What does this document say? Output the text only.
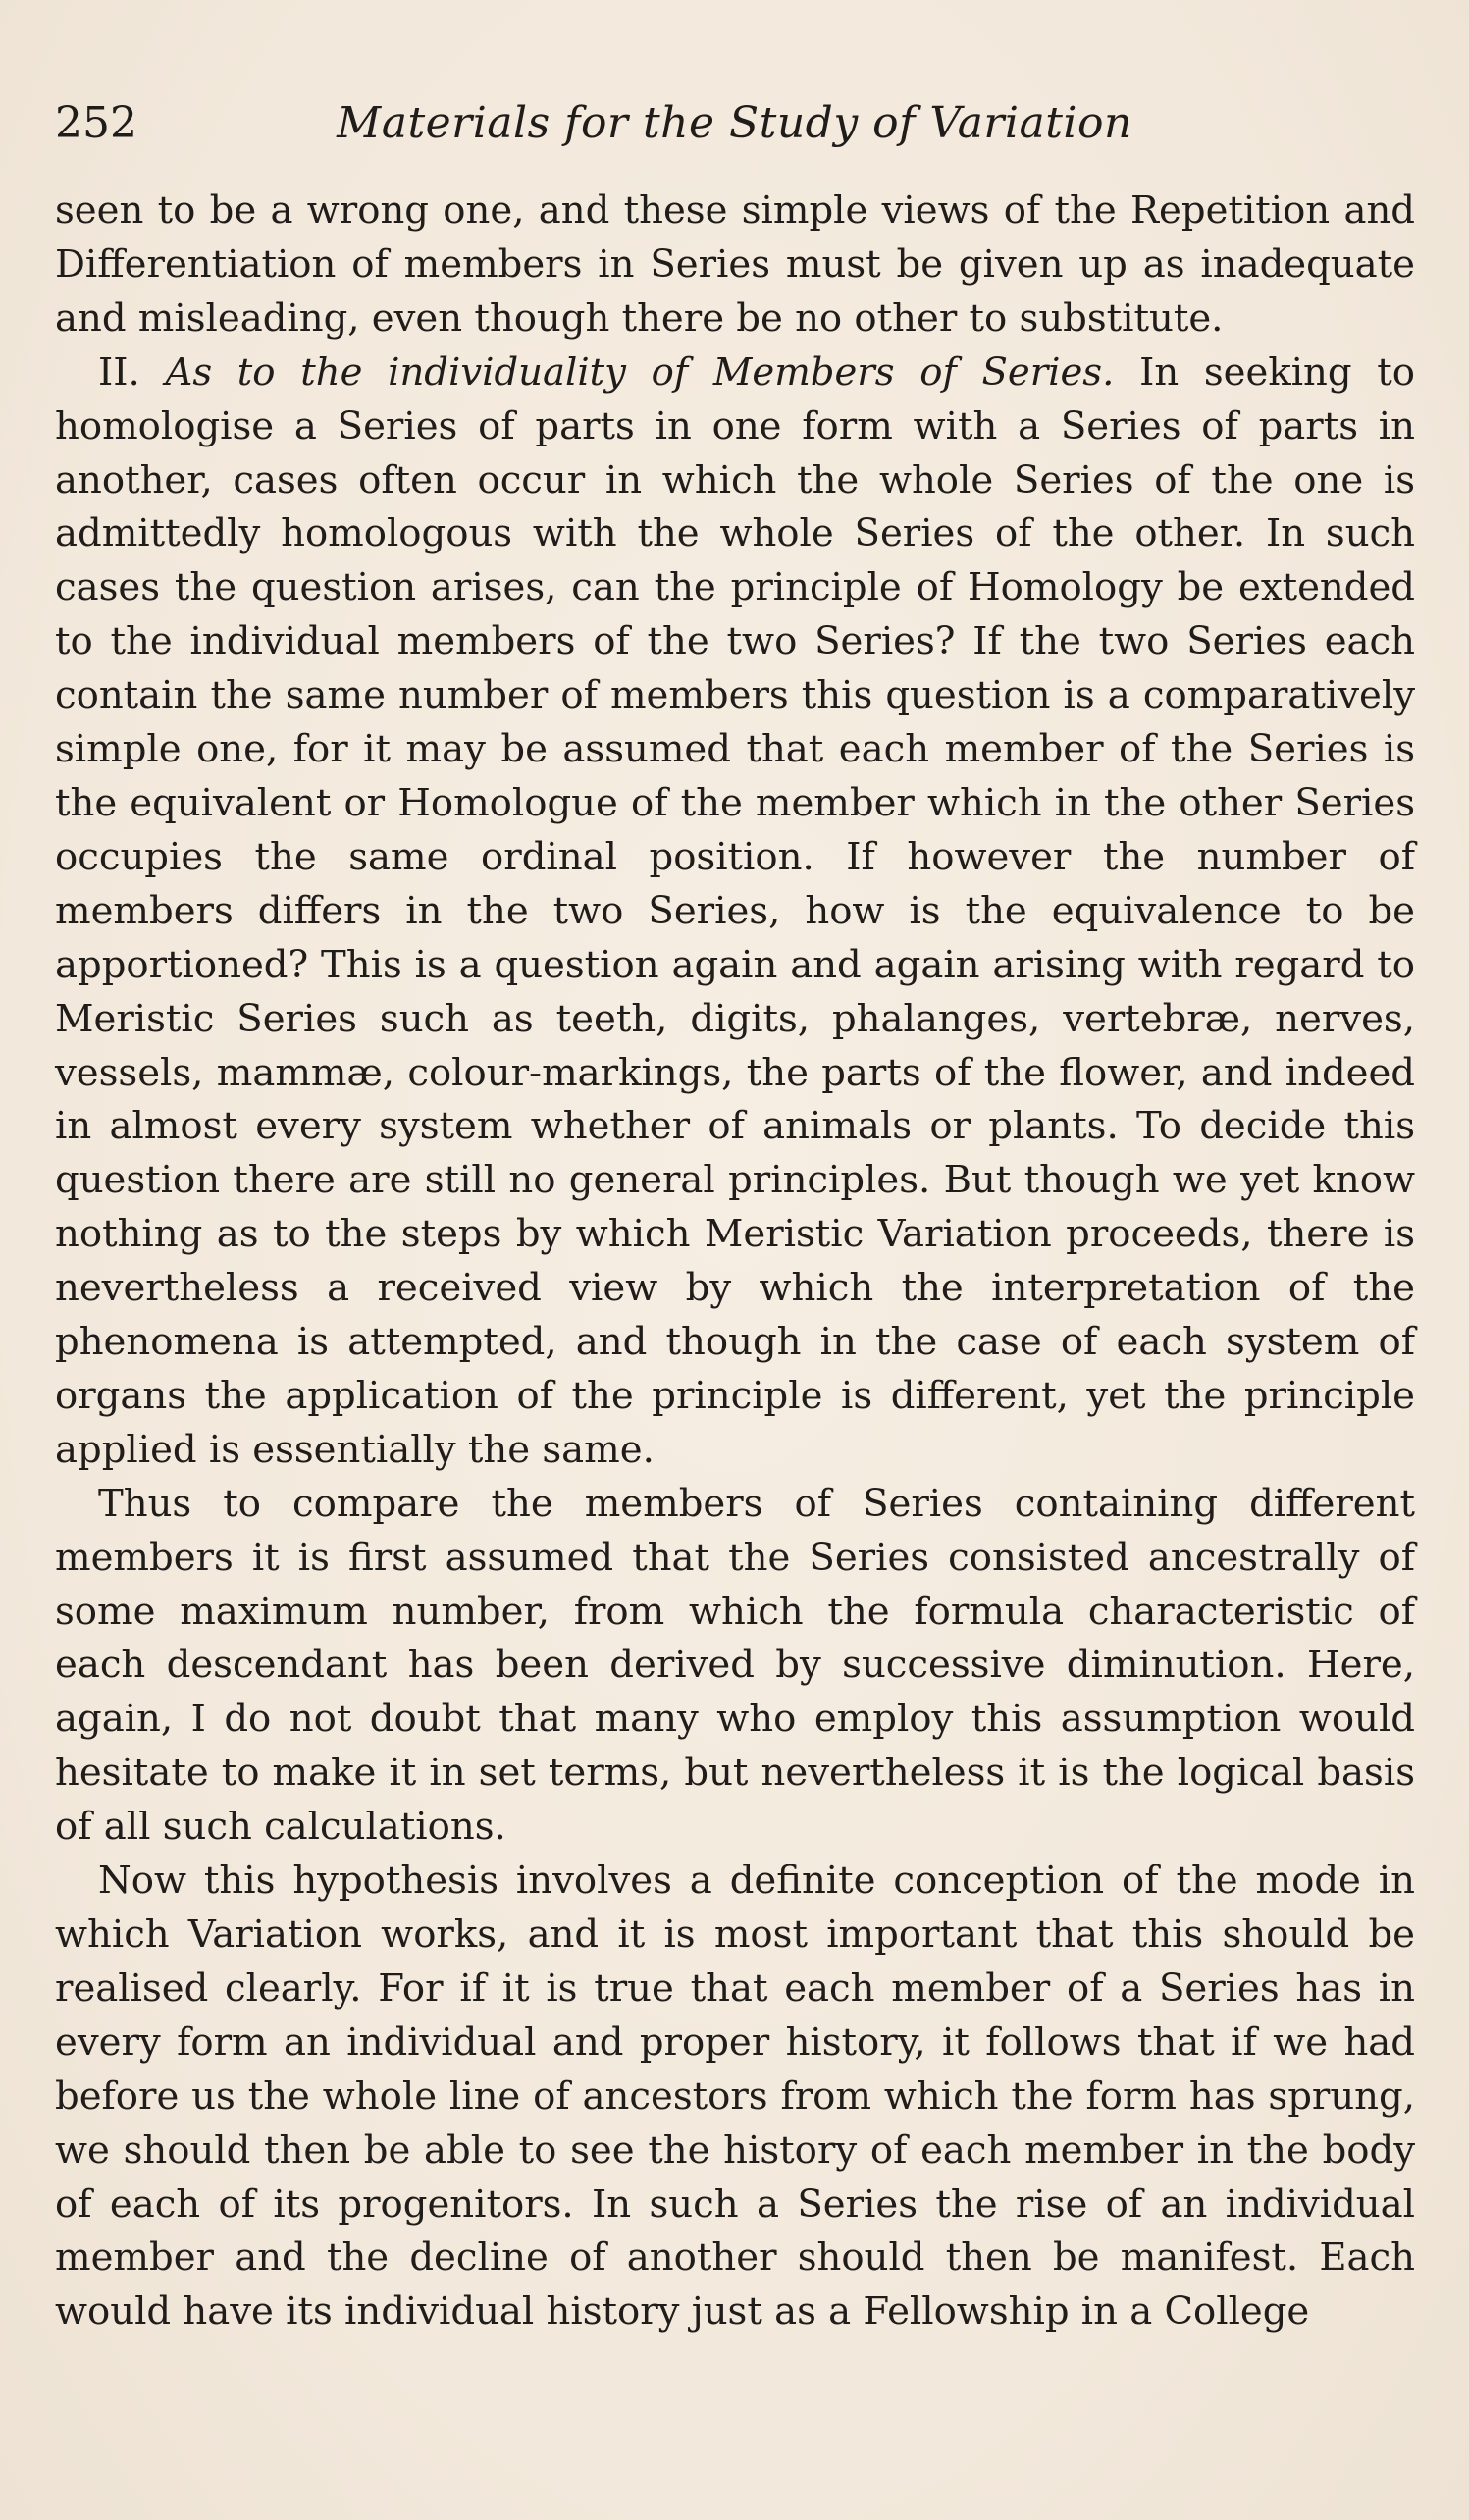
252	Materials for the Study of Variation

seen to be a wrong one, and these simple views of the Repetition and Differentiation of members in Series must be given up as inadequate and misleading, even though there be no other to substitute.

II. As to the individuality of Members of Series. In seeking to homologise a Series of parts in one form with a Series of parts in another, cases often occur in which the whole Series of the one is admittedly homologous with the whole Series of the other. In such cases the question arises, can the principle of Homology be extended to the individual members of the two Series? If the two Series each contain the same number of members this question is a comparatively simple one, for it may be assumed that each member of the Series is the equivalent or Homologue of the member which in the other Series occupies the same ordinal position. If however the number of members differs in the two Series, how is the equivalence to be apportioned? This is a question again and again arising with regard to Meristic Series such as teeth, digits, phalanges, vertebræ, nerves, vessels, mammæ, colour-markings, the parts of the flower, and indeed in almost every system whether of animals or plants. To decide this question there are still no general principles. But though we yet know nothing as to the steps by which Meristic Variation proceeds, there is nevertheless a received view by which the interpretation of the phenomena is attempted, and though in the case of each system of organs the application of the principle is different, yet the principle applied is essentially the same.

Thus to compare the members of Series containing different members it is first assumed that the Series consisted ancestrally of some maximum number, from which the formula characteristic of each descendant has been derived by successive diminution. Here, again, I do not doubt that many who employ this assumption would hesitate to make it in set terms, but nevertheless it is the logical basis of all such calculations.

Now this hypothesis involves a definite conception of the mode in which Variation works, and it is most important that this should be realised clearly. For if it is true that each member of a Series has in every form an individual and proper history, it follows that if we had before us the whole line of ancestors from which the form has sprung, we should then be able to see the history of each member in the body of each of its progenitors. In such a Series the rise of an individual member and the decline of another should then be manifest. Each would have its individual history just as a Fellowship in a College
